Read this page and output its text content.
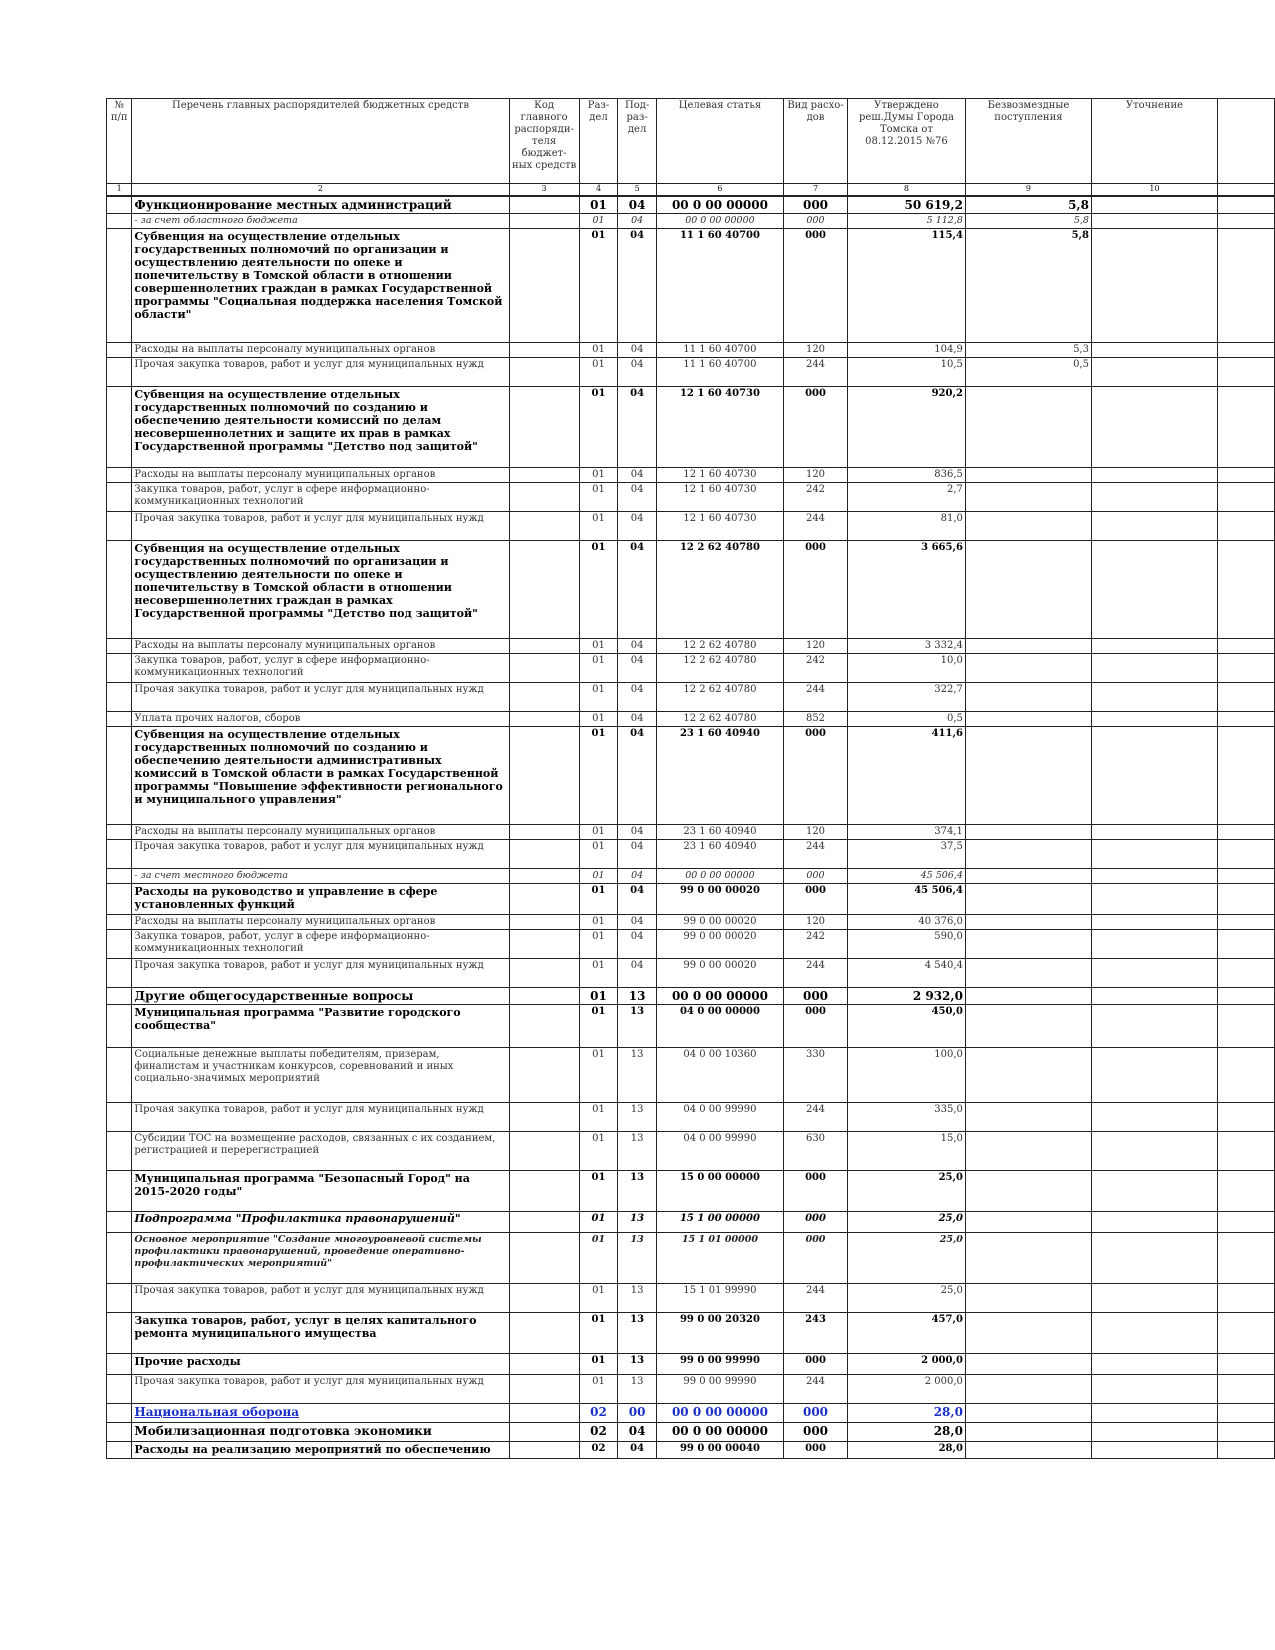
№ п/п	Перечень главных распорядителей бюджетных средств	Код главного распоряди-теля бюджет-ных средств	Раз-дел	Под-раз-дел	Целевая статья	Вид расхо-дов	Утверждено реш.Думы Города Томска от 08.12.2015 №76	Безвозмездные поступления	Уточнение	
1	2	3	4	5	6	7	8	9	10	
	Функционирование местных администраций		01	04	00 0 00 00000	000	50 619,2	5,8		
	- за счет областного бюджета		01	04	00 0 00 00000	000	5 112,8	5,8		
	Субвенция на осуществление отдельных государственных полномочий по организации и осуществлению деятельности по опеке и попечительству в Томской области в отношении совершеннолетних граждан в рамках Государственной программы "Социальная поддержка населения Томской области"		01	04	11 1 60 40700	000	115,4	5,8		
	Расходы на выплаты персоналу муниципальных органов		01	04	11 1 60 40700	120	104,9	5,3		
	Прочая закупка товаров, работ и услуг для муниципальных нужд		01	04	11 1 60 40700	244	10,5	0,5		
	Субвенция на осуществление отдельных государственных полномочий по созданию и обеспечению деятельности комиссий по делам несовершеннолетних и защите их прав в рамках Государственной программы "Детство под защитой"		01	04	12 1 60 40730	000	920,2			
	Расходы на выплаты персоналу муниципальных органов		01	04	12 1 60 40730	120	836,5			
	Закупка товаров, работ, услуг в сфере информационно-коммуникационных технологий		01	04	12 1 60 40730	242	2,7			
	Прочая закупка товаров, работ и услуг для муниципальных нужд		01	04	12 1 60 40730	244	81,0			
	Субвенция на осуществление отдельных государственных полномочий по организации и осуществлению деятельности по опеке и попечительству в Томской области в отношении несовершеннолетних граждан в рамках Государственной программы "Детство под защитой"		01	04	12 2 62 40780	000	3 665,6			
	Расходы на выплаты персоналу муниципальных органов		01	04	12 2 62 40780	120	3 332,4			
	Закупка товаров, работ, услуг в сфере информационно-коммуникационных технологий		01	04	12 2 62 40780	242	10,0			
	Прочая закупка товаров, работ и услуг для муниципальных нужд		01	04	12 2 62 40780	244	322,7			
	Уплата прочих налогов, сборов		01	04	12 2 62 40780	852	0,5			
	Субвенция на осуществление отдельных государственных полномочий по созданию и обеспечению деятельности административных комиссий в Томской области в рамках Государственной программы "Повышение эффективности регионального и муниципального управления"		01	04	23 1 60 40940	000	411,6			
	Расходы на выплаты персоналу муниципальных органов		01	04	23 1 60 40940	120	374,1			
	Прочая закупка товаров, работ и услуг для муниципальных нужд		01	04	23 1 60 40940	244	37,5			
	- за счет местного бюджета		01	04	00 0 00 00000	000	45 506,4			
	Расходы на руководство и управление в сфере установленных функций		01	04	99 0 00 00020	000	45 506,4			
	Расходы на выплаты персоналу муниципальных органов		01	04	99 0 00 00020	120	40 376,0			
	Закупка товаров, работ, услуг в сфере информационно-коммуникационных технологий		01	04	99 0 00 00020	242	590,0			
	Прочая закупка товаров, работ и услуг для муниципальных нужд		01	04	99 0 00 00020	244	4 540,4			
	Другие общегосударственные вопросы		01	13	00 0 00 00000	000	2 932,0			
	Муниципальная программа "Развитие городского сообщества"		01	13	04 0 00 00000	000	450,0			
	Социальные денежные выплаты победителям, призерам, финалистам и участникам конкурсов, соревнований и иных социально-значимых мероприятий		01	13	04 0 00 10360	330	100,0			
	Прочая закупка товаров, работ и услуг для муниципальных нужд		01	13	04 0 00 99990	244	335,0			
	Субсидии ТОС на возмещение расходов, связанных с их созданием, регистрацией и перерегистрацией		01	13	04 0 00 99990	630	15,0			
	Муниципальная программа "Безопасный Город" на 2015-2020 годы"		01	13	15 0 00 00000	000	25,0			
	Подпрограмма "Профилактика правонарушений"		01	13	15 1 00 00000	000	25,0			
	Основное мероприятие "Создание многоуровневой системы профилактики правонарушений, проведение оперативно-профилактических мероприятий"		01	13	15 1 01 00000	000	25,0			
	Прочая закупка товаров, работ и услуг для муниципальных нужд		01	13	15 1 01 99990	244	25,0			
	Закупка товаров, работ, услуг в целях капитального ремонта муниципального имущества		01	13	99 0 00 20320	243	457,0			
	Прочие расходы		01	13	99 0 00 99990	000	2 000,0			
	Прочая закупка товаров, работ и услуг для муниципальных нужд		01	13	99 0 00 99990	244	2 000,0			
	Национальная оборона		02	00	00 0 00 00000	000	28,0			
	Мобилизационная подготовка экономики		02	04	00 0 00 00000	000	28,0			
	Расходы на реализацию мероприятий по обеспечению		02	04	99 0 00 00040	000	28,0			
